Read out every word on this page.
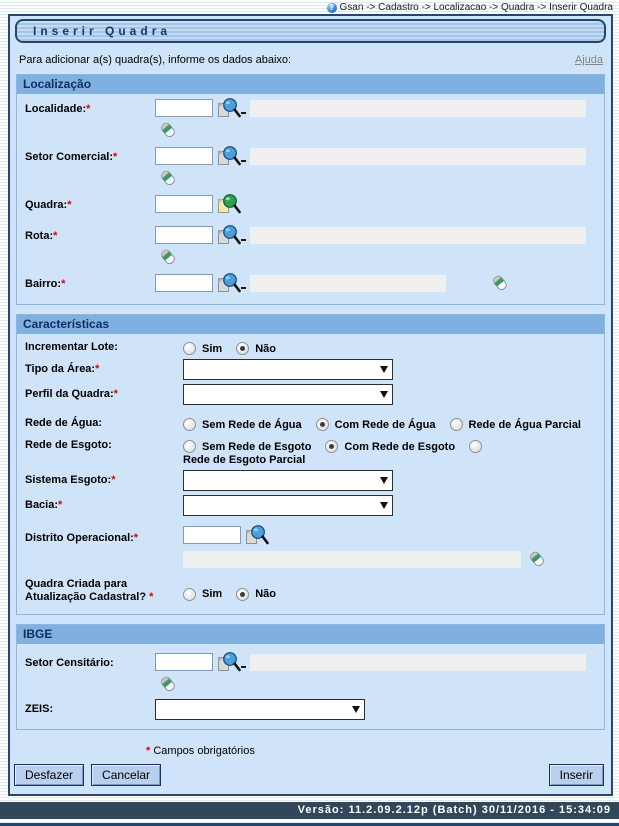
? Gsan -> Cadastro -> Localizacao -> Quadra -> Inserir Quadra
Inserir Quadra
Para adicionar a(s) quadra(s), informe os dados abaixo:	Ajuda
Localização
Localidade:*
Setor Comercial:*
Quadra:*
Rota:*
Bairro:*
Características
Incrementar Lote:	Sim	Não
Tipo da Área:*
Perfil da Quadra:*
Rede de Água:	Sem Rede de Água	Com Rede de Água	Rede de Água Parcial
Rede de Esgoto:	Sem Rede de Esgoto	Com Rede de Esgoto
Rede de Esgoto Parcial
Sistema Esgoto:*
Bacia:*
Distrito Operacional:*
Quadra Criada para
Atualização Cadastral? *	Sim	Não
IBGE
Setor Censitário:
ZEIS:
* Campos obrigatórios
Desfazer	Cancelar	Inserir
Versão: 11.2.09.2.12p (Batch) 30/11/2016 - 15:34:09
